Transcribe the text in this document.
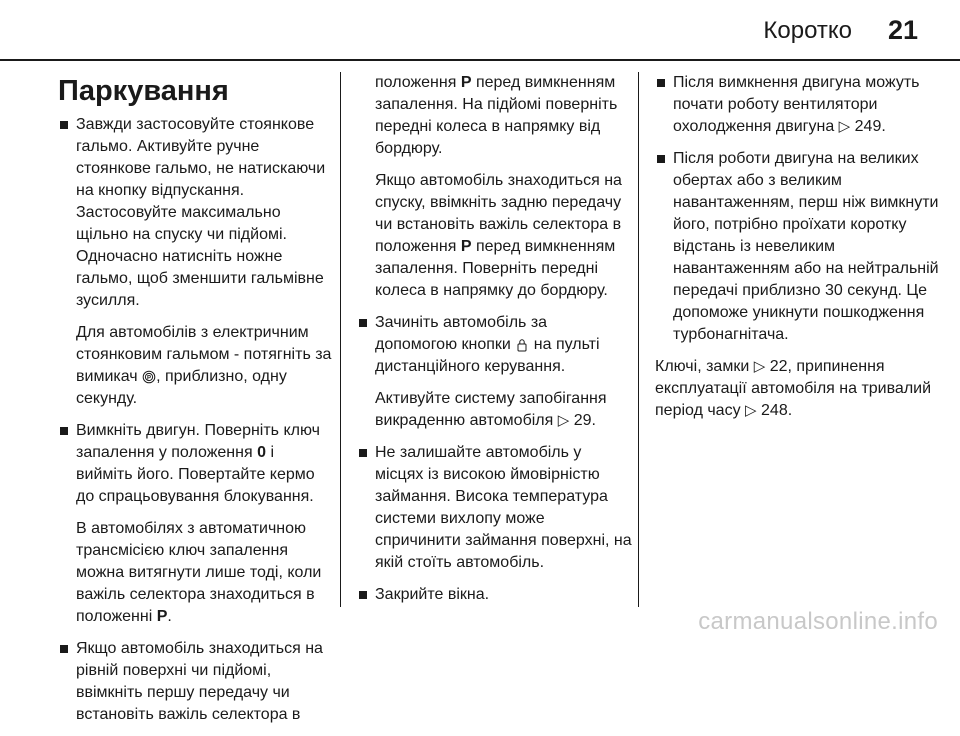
Коротко 21
Паркування

Завжди застосовуйте стоянкове гальмо. Активуйте ручне стоянкове гальмо, не натискаючи на кнопку відпускання. Застосовуйте максимально щільно на спуску чи підйомі. Одночасно натисніть ножне гальмо, щоб зменшити гальмівне зусилля.

Для автомобілів з електричним стоянковим гальмом - потягніть за вимикач P , приблизно, одну секунду.

Вимкніть двигун. Поверніть ключ запалення у положення 0 і вийміть його. Повертайте кермо до спрацьовування блокування.

В автомобілях з автоматичною трансмісією ключ запалення можна витягнути лише тоді, коли важіль селектора знаходиться в положенні P.

Якщо автомобіль знаходиться на рівній поверхні чи підйомі, ввімкніть першу передачу чи встановіть важіль селектора в

положення P перед вимкненням запалення. На підйомі поверніть передні колеса в напрямку від бордюру.

Якщо автомобіль знаходиться на спуску, ввімкніть задню передачу чи встановіть важіль селектора в положення P перед вимкненням запалення. Поверніть передні колеса в напрямку до бордюру.

Зачиніть автомобіль за допомогою кнопки  на пульті дистанційного керування.

Активуйте систему запобігання викраденню автомобіля ▷ 29.

Не залишайте автомобіль у місцях із високою ймовірністю займання. Висока температура системи вихлопу може спричинити займання поверхні, на якій стоїть автомобіль.

Закрийте вікна.

Після вимкнення двигуна можуть почати роботу вентилятори охолодження двигуна ▷ 249.

Після роботи двигуна на великих обертах або з великим навантаженням, перш ніж вимкнути його, потрібно проїхати коротку відстань із невеликим навантаженням або на нейтральній передачі приблизно 30 секунд. Це допоможе уникнути пошкодження турбонагнітача.

Ключі, замки ▷ 22, припинення експлуатації автомобіля на тривалий період часу ▷ 248.

carmanualsonline.info
